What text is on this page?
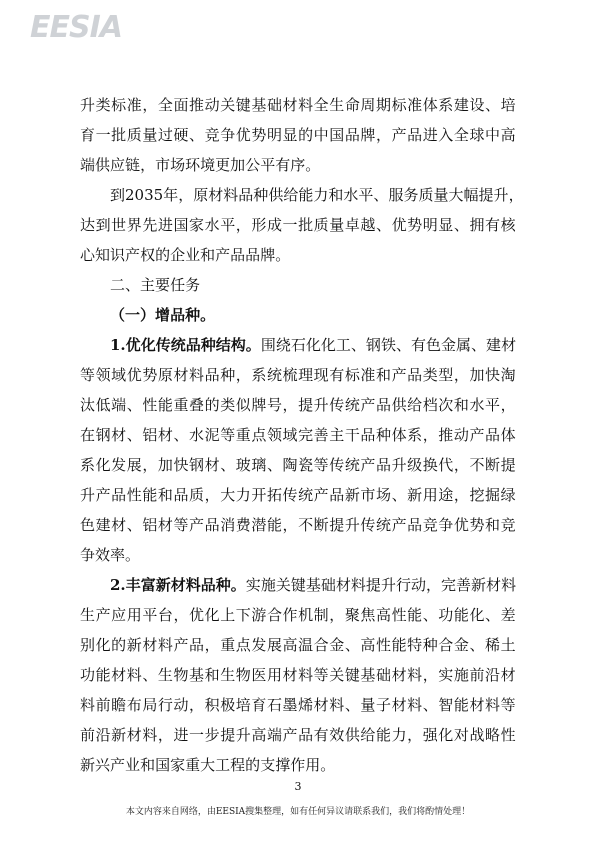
EESIA
升 类 标 准 ， 全 面 推 动 关 键 基 础 材 料 全 生 命 周 期 标 准 体 系 建 设 、 培
育 一 批 质 量 过 硬 、 竞 争 优 势 明 显 的 中 国 品 牌 ， 产 品 进 入 全 球 中 高
端 供 应 链 ， 市 场 环 境 更 加 公 平 有 序 。
到 2035 年 ， 原 材 料 品 种 供 给 能 力 和 水 平 、 服 务 质 量 大 幅 提 升 ，
达 到 世 界 先 进 国 家 水 平 ， 形 成 一 批 质 量 卓 越 、 优 势 明 显 、 拥 有 核
心 知 识 产 权 的 企 业 和 产 品 品 牌 。
二 、 主 要 任 务
（ 一 ） 增 品 种 。
1. 优 化 传 统 品 种 结 构 。 围 绕 石 化 化 工 、 钢 铁 、 有 色 金 属 、 建 材
等 领 域 优 势 原 材 料 品 种 ， 系 统 梳 理 现 有 标 准 和 产 品 类 型 ， 加 快 淘
汰 低 端 、 性 能 重 叠 的 类 似 牌 号 ， 提 升 传 统 产 品 供 给 档 次 和 水 平 ，
在 钢 材 、 铝 材 、 水 泥 等 重 点 领 域 完 善 主 干 品 种 体 系 ， 推 动 产 品 体
系 化 发 展 ， 加 快 钢 材 、 玻 璃 、 陶 瓷 等 传 统 产 品 升 级 换 代 ， 不 断 提
升 产 品 性 能 和 品 质 ， 大 力 开 拓 传 统 产 品 新 市 场 、 新 用 途 ， 挖 掘 绿
色 建 材 、 铝 材 等 产 品 消 费 潜 能 ， 不 断 提 升 传 统 产 品 竞 争 优 势 和 竞
争 效 率 。
2. 丰 富 新 材 料 品 种 。 实 施 关 键 基 础 材 料 提 升 行 动 ， 完 善 新 材 料
生 产 应 用 平 台 ， 优 化 上 下 游 合 作 机 制 ， 聚 焦 高 性 能 、 功 能 化 、 差
别 化 的 新 材 料 产 品 ， 重 点 发 展 高 温 合 金 、 高 性 能 特 种 合 金 、 稀 土
功 能 材 料 、 生 物 基 和 生 物 医 用 材 料 等 关 键 基 础 材 料 ， 实 施 前 沿 材
料 前 瞻 布 局 行 动 ， 积 极 培 育 石 墨 烯 材 料 、 量 子 材 料 、 智 能 材 料 等
前 沿 新 材 料 ， 进 一 步 提 升 高 端 产 品 有 效 供 给 能 力 ， 强 化 对 战 略 性
新 兴 产 业 和 国 家 重 大 工 程 的 支 撑 作 用 。
3
本文内容来自网络，由EESIA搜集整理，如有任何异议请联系我们，我们将酌情处理！
